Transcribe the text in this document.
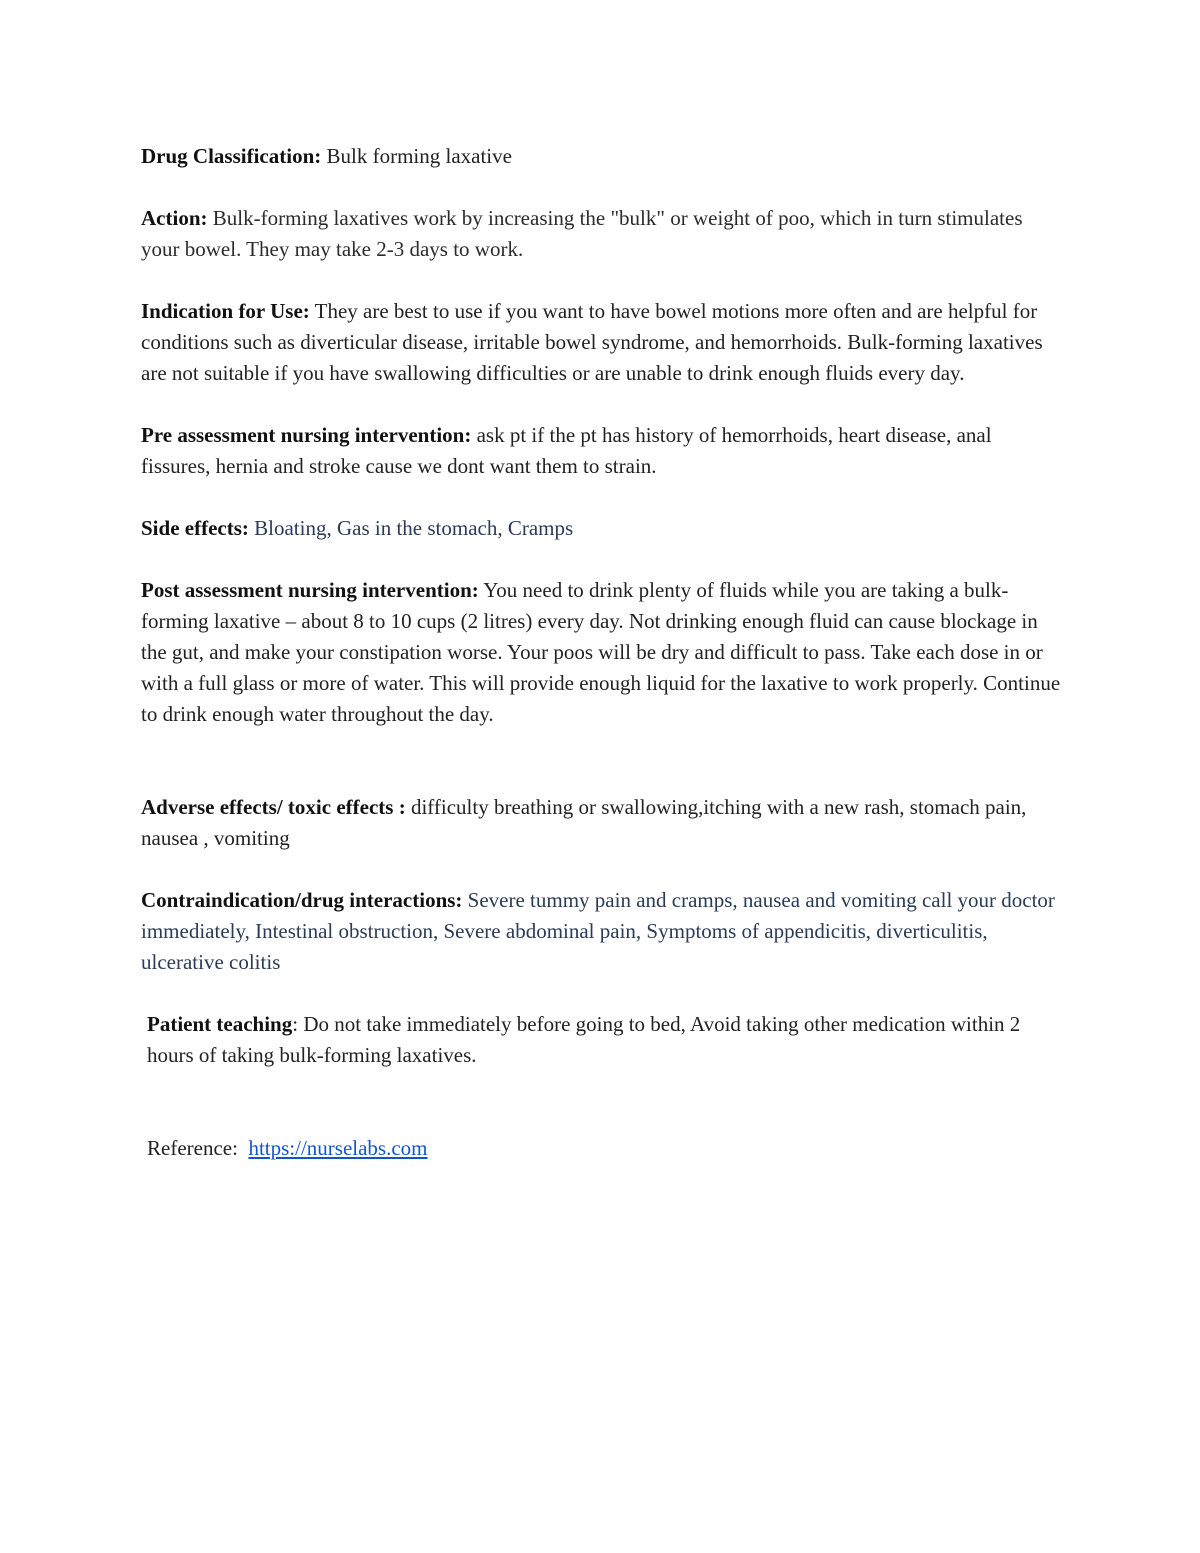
Drug Classification: Bulk forming laxative

Action: Bulk-forming laxatives work by increasing the "bulk" or weight of poo, which in turn stimulates your bowel. They may take 2-3 days to work.

Indication for Use: They are best to use if you want to have bowel motions more often and are helpful for conditions such as diverticular disease, irritable bowel syndrome, and hemorrhoids. Bulk-forming laxatives are not suitable if you have swallowing difficulties or are unable to drink enough fluids every day.

Pre assessment nursing intervention: ask pt if the pt has history of hemorrhoids, heart disease, anal fissures, hernia and stroke cause we dont want them to strain.

Side effects: Bloating, Gas in the stomach, Cramps

Post assessment nursing intervention: You need to drink plenty of fluids while you are taking a bulk-forming laxative – about 8 to 10 cups (2 litres) every day. Not drinking enough fluid can cause blockage in the gut, and make your constipation worse. Your poos will be dry and difficult to pass. Take each dose in or with a full glass or more of water. This will provide enough liquid for the laxative to work properly. Continue to drink enough water throughout the day.

Adverse effects/ toxic effects : difficulty breathing or swallowing,itching with a new rash, stomach pain, nausea , vomiting

Contraindication/drug interactions: Severe tummy pain and cramps, nausea and vomiting call your doctor immediately, Intestinal obstruction, Severe abdominal pain, Symptoms of appendicitis, diverticulitis, ulcerative colitis

Patient teaching: Do not take immediately before going to bed, Avoid taking other medication within 2 hours of taking bulk-forming laxatives.

Reference: https://nurselabs.com
